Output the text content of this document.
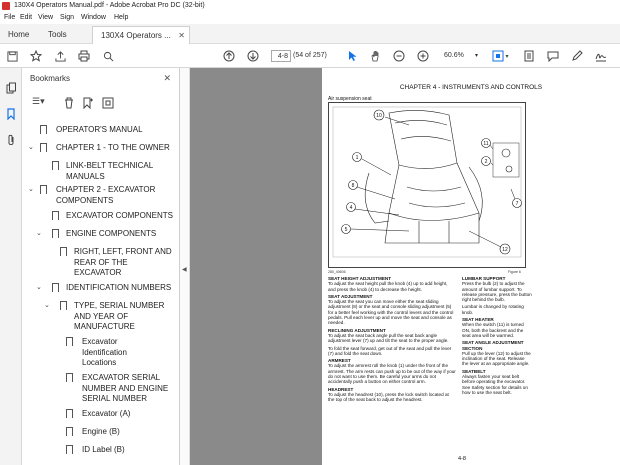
130X4 Operators Manual.pdf - Adobe Acrobat Pro DC (32-bit)
File Edit View Sign Window Help
Home Tools	130X4 Operators ... ✕
4-8 (54 of 257)	60.6% ▾	▾
Bookmarks	✕
☰▾
OPERATOR'S MANUAL
⌄	CHAPTER 1 - TO THE OWNER
LINK-BELT TECHNICAL
MANUALS
⌄	CHAPTER 2 - EXCAVATOR
COMPONENTS
EXCAVATOR COMPONENTS
⌄	ENGINE COMPONENTS
RIGHT, LEFT, FRONT AND
REAR OF THE
EXCAVATOR
⌄	IDENTIFICATION NUMBERS
⌄	TYPE, SERIAL NUMBER
AND YEAR OF
MANUFACTURE
Excavator
Identification
Locations
EXCAVATOR SERIAL
NUMBER AND ENGINE
SERIAL NUMBER
Excavator (A)
Engine (B)
ID Label (B)
◀
CHAPTER 4 - INSTRUMENTS AND CONTROLS
Air suspension seat
10
1
8
4
5
11
2
7
12
280_40606	Figure 6
SEAT HEIGHT ADJUSTMENT

To adjust the seat height pull the knob (4) up to add height, and press the knob (4) to decrease the height.

SEAT ADJUSTMENT

To adjust the seat you can move either the seat sliding adjustment (8) or the seat and console sliding adjustment (5) for a better feel working with the control levers and the control pedals. Pull each lever up and move the seat and console as needed.

RECLINING ADJUSTMENT

To adjust the seat back angle pull the seat back angle adjustment lever (7) up and tilt the seat to the proper angle.

To fold the seat forward, get out of the seat and pull the lever (7) and fold the seat down.

ARMREST

To adjust the armrest roll the knob (1) under the front of the armrest. The arm rests can push up to be out of the way if your do not want to use them. Be careful your arms do not accidentally push a button on either control arm.

HEADREST

To adjust the headrest (10), press the lock switch located at the top of the seat back to adjust the headrest.

LUMBAR SUPPORT

Press the bulb (2) to adjust the amount of lumbar support. To release pressure, press the button right behind the bulb.

Lumbar is changed by rotating knob.

SEAT HEATER

When the switch (11) is turned ON, both the backrest and the seat area will be warmed.

SEAT ANGLE ADJUSTMENT SECTION

Pull up the lever (12) to adjust the inclination of the seat. Release the lever at an appropriate angle.

SEATBELT

Always fasten your seat belt before operating the excavator. See Safety section for details on how to use the seat belt.

4-8
